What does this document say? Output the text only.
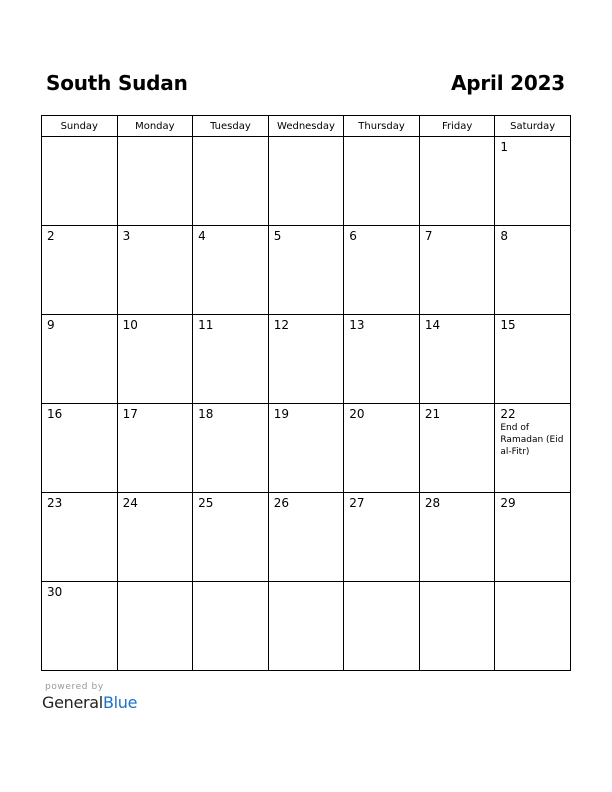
South Sudan	April 2023
Sunday	Monday	Tuesday	Wednesday	Thursday	Friday	Saturday

						1

2	3	4	5	6	7	8

9	10	11	12	13	14	15

16	17	18	19	20	21	22
End of Ramadan (Eid al-Fitr)

23	24	25	26	27	28	29

30						

powered by
GeneralBlue
